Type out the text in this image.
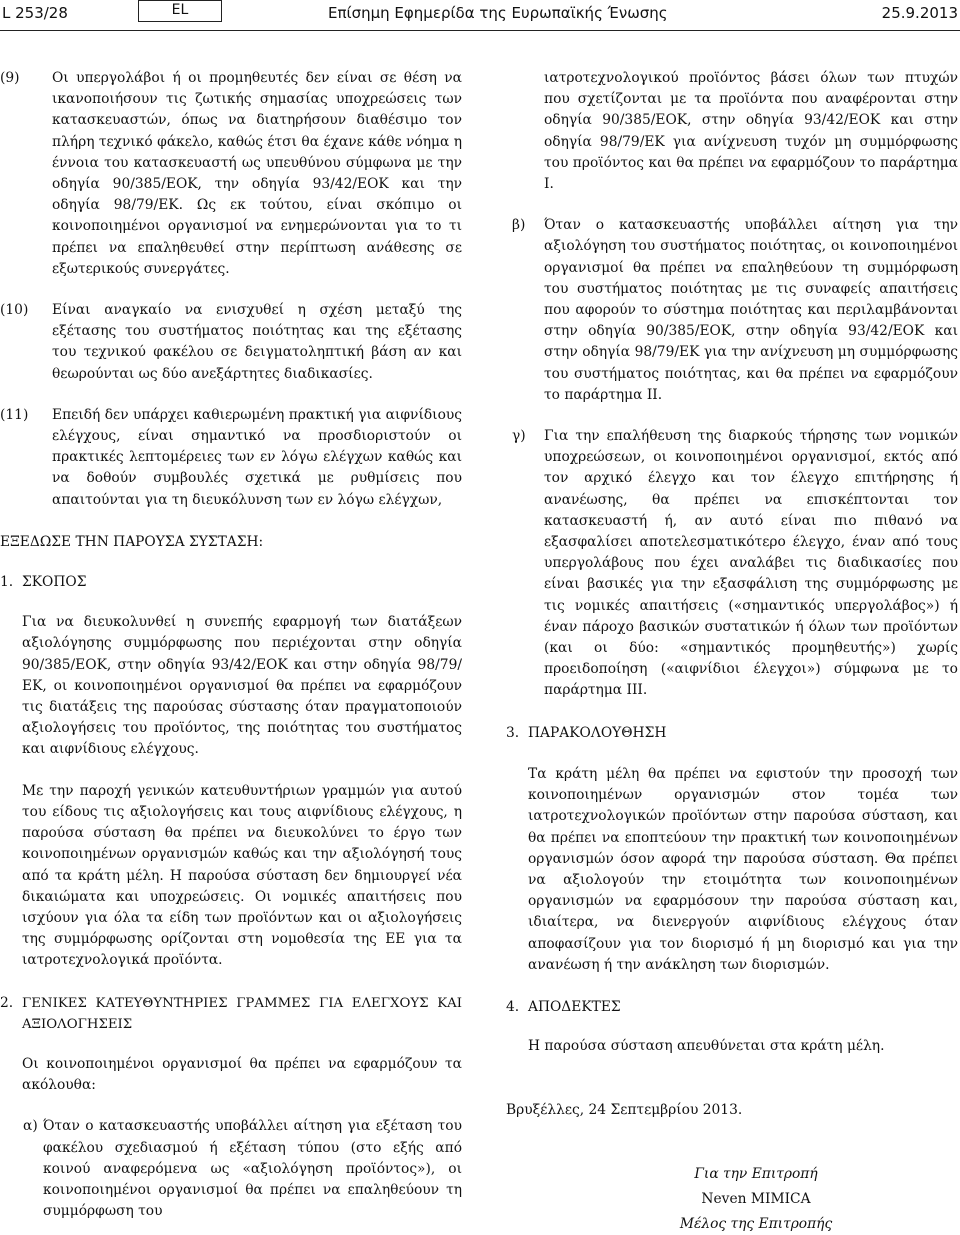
L 253/28	EL	Επίσημη Εφημερίδα της Ευρωπαϊκής Ένωσης	25.9.2013
(9) Οι υπεργολάβοι ή οι προμηθευτές δεν είναι σε θέση να ικανοποιήσουν τις ζωτικής σημασίας υποχρεώσεις των κατασκευαστών, όπως να διατηρήσουν διαθέσιμο τον πλήρη τεχνικό φάκελο, καθώς έτσι θα έχανε κάθε νόημα η έννοια του κατασκευαστή ως υπευθύνου σύμφωνα με την οδηγία 90/385/ΕΟΚ, την οδηγία 93/42/ΕΟΚ και την οδηγία 98/79/ΕΚ. Ως εκ τούτου, είναι σκόπιμο οι κοινοποιημένοι οργανισμοί να ενημερώνονται για το τι πρέπει να επαληθευθεί στην περίπτωση ανάθεσης σε εξωτερικούς συνεργάτες.

(10) Είναι αναγκαίο να ενισχυθεί η σχέση μεταξύ της εξέτασης του συστήματος ποιότητας και της εξέτασης του τεχνικού φακέλου σε δειγματοληπτική βάση αν και θεωρούνται ως δύο ανεξάρτητες διαδικασίες.

(11) Επειδή δεν υπάρχει καθιερωμένη πρακτική για αιφνίδιους ελέγχους, είναι σημαντικό να προσδιοριστούν οι πρακτικές λεπτομέρειες των εν λόγω ελέγχων καθώς και να δοθούν συμβουλές σχετικά με ρυθμίσεις που απαιτούνται για τη διευκόλυνση των εν λόγω ελέγχων,

ΕΞΕΔΩΣΕ ΤΗΝ ΠΑΡΟΥΣΑ ΣΥΣΤΑΣΗ:

1. ΣΚΟΠΟΣ

Για να διευκολυνθεί η συνεπής εφαρμογή των διατάξεων αξιολόγησης συμμόρφωσης που περιέχονται στην οδηγία 90/385/ΕΟΚ, στην οδηγία 93/42/ΕΟΚ και στην οδηγία 98/79/ΕΚ, οι κοινοποιημένοι οργανισμοί θα πρέπει να εφαρμόζουν τις διατάξεις της παρούσας σύστασης όταν πραγματοποιούν αξιολογήσεις του προϊόντος, της ποιότητας του συστήματος και αιφνίδιους ελέγχους.

Με την παροχή γενικών κατευθυντήριων γραμμών για αυτού του είδους τις αξιολογήσεις και τους αιφνίδιους ελέγχους, η παρούσα σύσταση θα πρέπει να διευκολύνει το έργο των κοινοποιημένων οργανισμών καθώς και την αξιολόγησή τους από τα κράτη μέλη. Η παρούσα σύσταση δεν δημιουργεί νέα δικαιώματα και υποχρεώσεις. Οι νομικές απαιτήσεις που ισχύουν για όλα τα είδη των προϊόντων και οι αξιολογήσεις της συμμόρφωσης ορίζονται στη νομοθεσία της ΕΕ για τα ιατροτεχνολογικά προϊόντα.

2. ΓΕΝΙΚΕΣ ΚΑΤΕΥΘΥΝΤΗΡΙΕΣ ΓΡΑΜΜΕΣ ΓΙΑ ΕΛΕΓΧΟΥΣ ΚΑΙ ΑΞΙΟΛΟΓΗΣΕΙΣ

Οι κοινοποιημένοι οργανισμοί θα πρέπει να εφαρμόζουν τα ακόλουθα:

α) Όταν ο κατασκευαστής υποβάλλει αίτηση για εξέταση του φακέλου σχεδιασμού ή εξέταση τύπου (στο εξής από κοινού αναφερόμενα ως «αξιολόγηση προϊόντος»), οι κοινοποιημένοι οργανισμοί θα πρέπει να επαληθεύουν τη συμμόρφωση του

ιατροτεχνολογικού προϊόντος βάσει όλων των πτυχών που σχετίζονται με τα προϊόντα που αναφέρονται στην οδηγία 90/385/ΕΟΚ, στην οδηγία 93/42/ΕΟΚ και στην οδηγία 98/79/ΕΚ για ανίχνευση τυχόν μη συμμόρφωσης του προϊόντος και θα πρέπει να εφαρμόζουν το παράρτημα I.

β) Όταν ο κατασκευαστής υποβάλλει αίτηση για την αξιολόγηση του συστήματος ποιότητας, οι κοινοποιημένοι οργανισμοί θα πρέπει να επαληθεύουν τη συμμόρφωση του συστήματος ποιότητας με τις συναφείς απαιτήσεις που αφορούν το σύστημα ποιότητας και περιλαμβάνονται στην οδηγία 90/385/ΕΟΚ, στην οδηγία 93/42/ΕΟΚ και στην οδηγία 98/79/ΕΚ για την ανίχνευση μη συμμόρφωσης του συστήματος ποιότητας, και θα πρέπει να εφαρμόζουν το παράρτημα II.

γ) Για την επαλήθευση της διαρκούς τήρησης των νομικών υποχρεώσεων, οι κοινοποιημένοι οργανισμοί, εκτός από τον αρχικό έλεγχο και τον έλεγχο επιτήρησης ή ανανέωσης, θα πρέπει να επισκέπτονται τον κατασκευαστή ή, αν αυτό είναι πιο πιθανό να εξασφαλίσει αποτελεσματικότερο έλεγχο, έναν από τους υπεργολάβους που έχει αναλάβει τις διαδικασίες που είναι βασικές για την εξασφάλιση της συμμόρφωσης με τις νομικές απαιτήσεις («σημαντικός υπεργολάβος») ή έναν πάροχο βασικών συστατικών ή όλων των προϊόντων (και οι δύο: «σημαντικός προμηθευτής») χωρίς προειδοποίηση («αιφνίδιοι έλεγχοι») σύμφωνα με το παράρτημα III.

3. ΠΑΡΑΚΟΛΟΥΘΗΣΗ

Τα κράτη μέλη θα πρέπει να εφιστούν την προσοχή των κοινοποιημένων οργανισμών στον τομέα των ιατροτεχνολογικών προϊόντων στην παρούσα σύσταση, και θα πρέπει να εποπτεύουν την πρακτική των κοινοποιημένων οργανισμών όσον αφορά την παρούσα σύσταση. Θα πρέπει να αξιολογούν την ετοιμότητα των κοινοποιημένων οργανισμών να εφαρμόσουν την παρούσα σύσταση και, ιδιαίτερα, να διενεργούν αιφνίδιους ελέγχους όταν αποφασίζουν για τον διορισμό ή μη διορισμό και για την ανανέωση ή την ανάκληση των διορισμών.

4. ΑΠΟΔΕΚΤΕΣ

Η παρούσα σύσταση απευθύνεται στα κράτη μέλη.

Βρυξέλλες, 24 Σεπτεμβρίου 2013.

Για την Επιτροπή
Neven MIMICA
Μέλος της Επιτροπής
